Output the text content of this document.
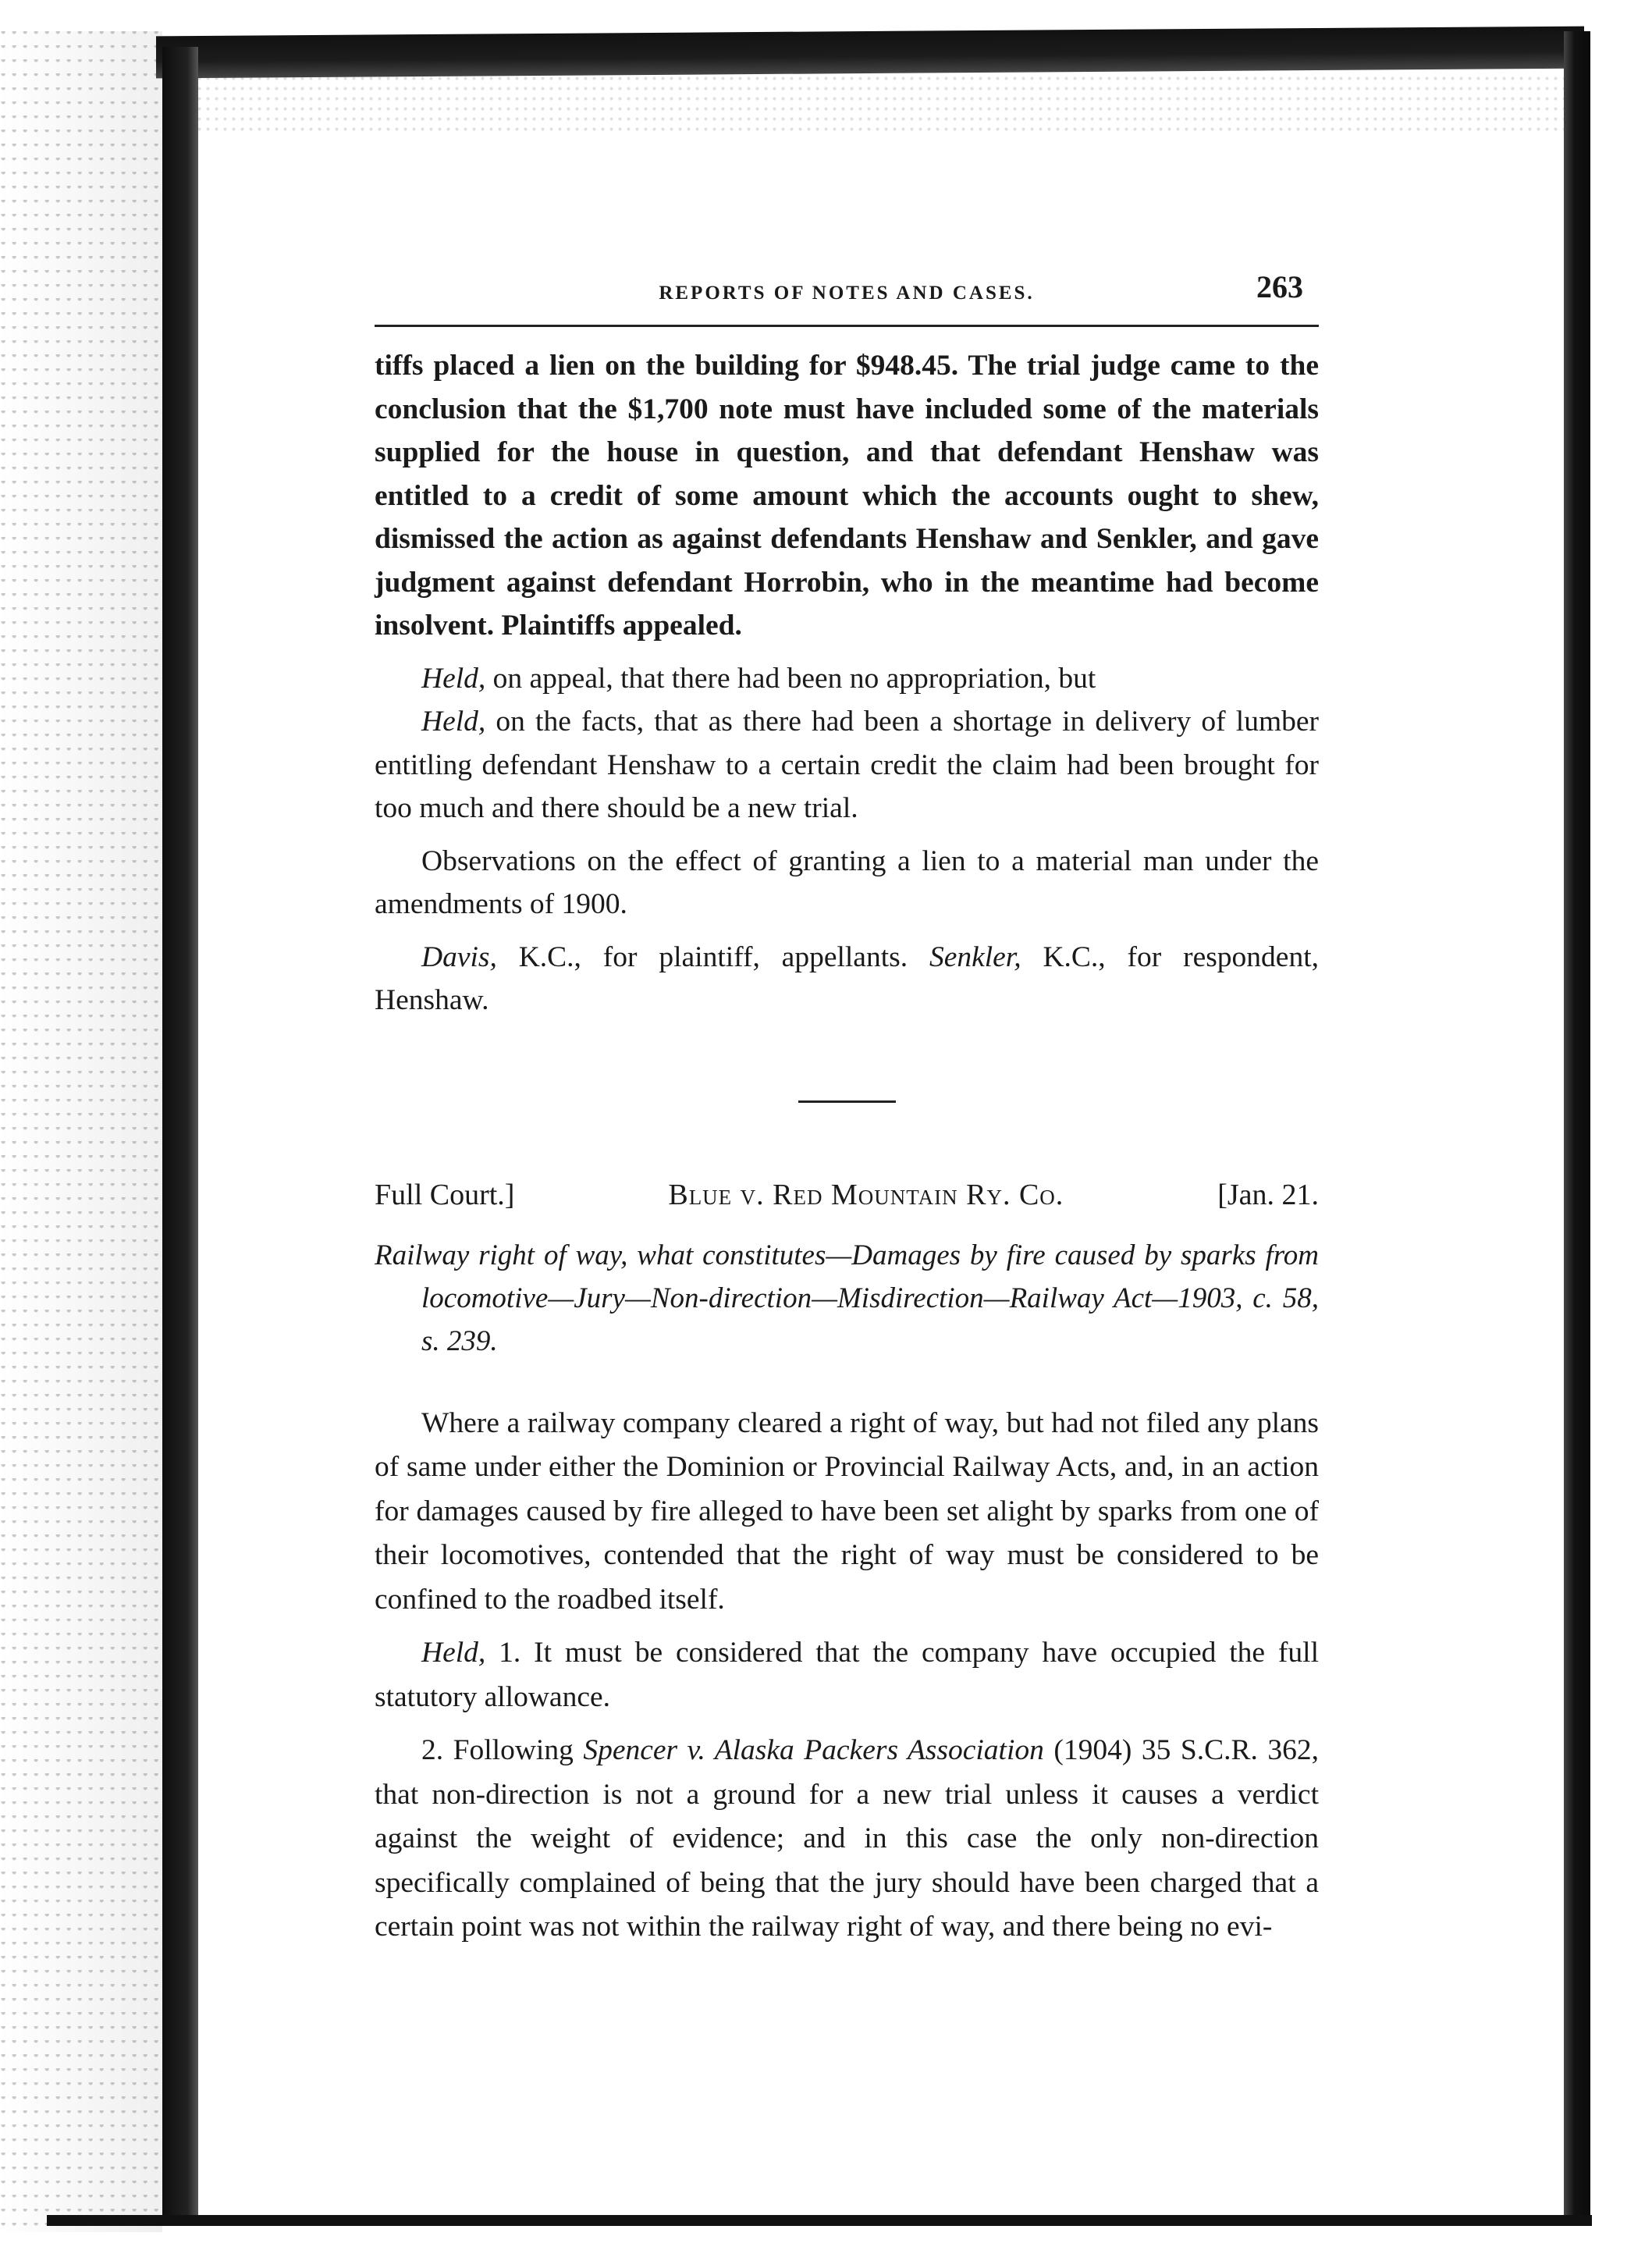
REPORTS OF NOTES AND CASES.	263

tiffs placed a lien on the building for $948.45. The trial judge came to the conclusion that the $1,700 note must have included some of the materials supplied for the house in question, and that defendant Henshaw was entitled to a credit of some amount which the accounts ought to shew, dismissed the action as against defendants Henshaw and Senkler, and gave judgment against defendant Horrobin, who in the meantime had become insolvent. Plaintiffs appealed.

Held, on appeal, that there had been no appropriation, but

Held, on the facts, that as there had been a shortage in delivery of lumber entitling defendant Henshaw to a certain credit the claim had been brought for too much and there should be a new trial.

Observations on the effect of granting a lien to a material man under the amendments of 1900.

Davis, K.C., for plaintiff, appellants. Senkler, K.C., for respondent, Henshaw.

Full Court.]	Blue v. Red Mountain Ry. Co.	[Jan. 21.

Railway right of way, what constitutes—Damages by fire caused by sparks from locomotive—Jury—Non-direction—Misdirection—Railway Act—1903, c. 58, s. 239.

Where a railway company cleared a right of way, but had not filed any plans of same under either the Dominion or Provincial Railway Acts, and, in an action for damages caused by fire alleged to have been set alight by sparks from one of their locomotives, contended that the right of way must be considered to be confined to the roadbed itself.

Held, 1. It must be considered that the company have occupied the full statutory allowance.

2. Following Spencer v. Alaska Packers Association (1904) 35 S.C.R. 362, that non-direction is not a ground for a new trial unless it causes a verdict against the weight of evidence; and in this case the only non-direction specifically complained of being that the jury should have been charged that a certain point was not within the railway right of way, and there being no evi-
